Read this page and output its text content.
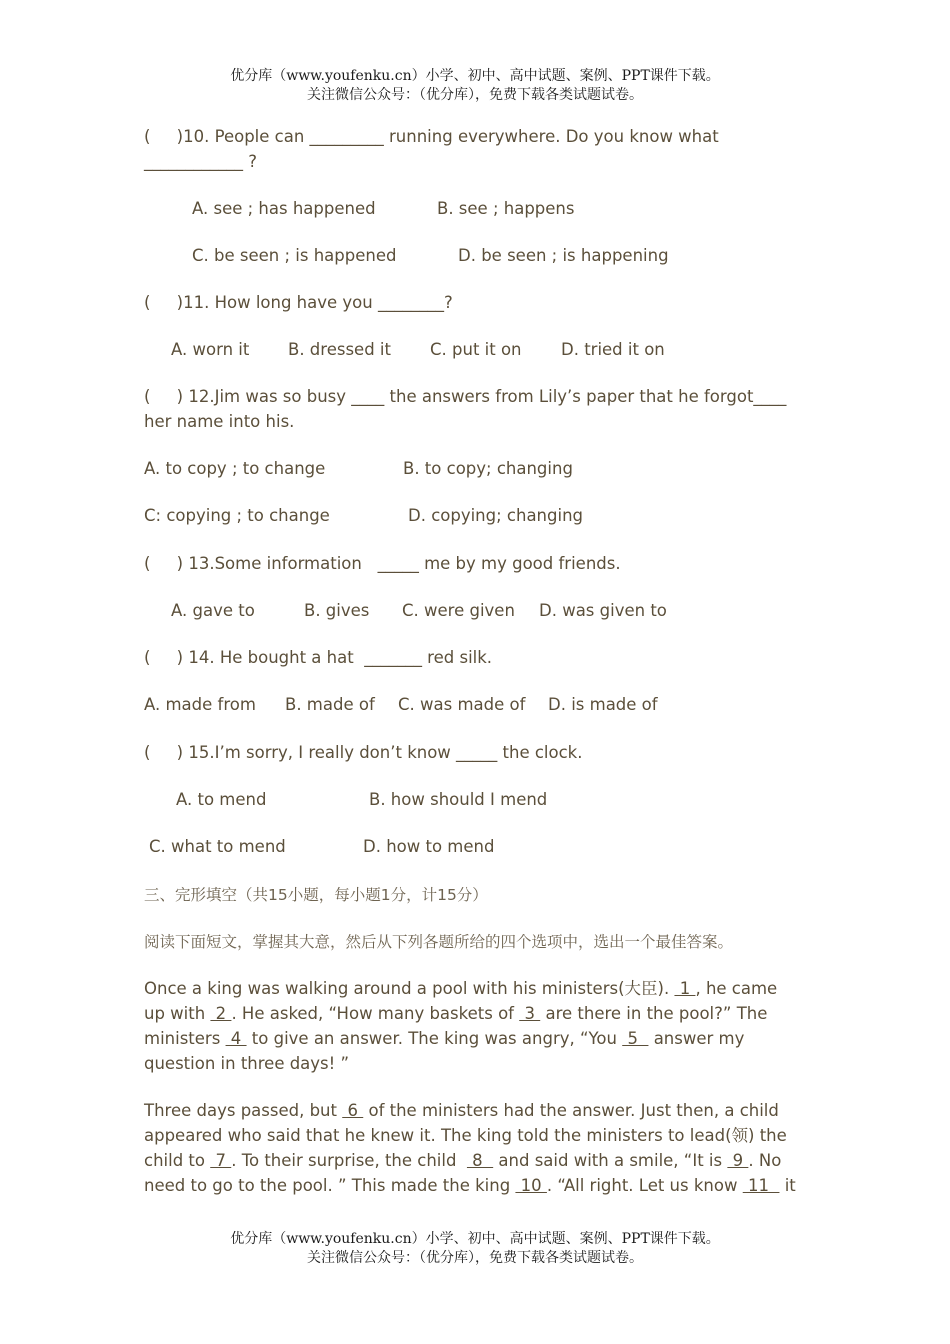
优分库（www.youfenku.cn）小学、初中、高中试题、案例、PPT课件下载。
关注微信公众号：（优分库），免费下载各类试题试卷。
(     )10. People can _________ running everywhere. Do you know what
____________ ?
A. see ; has happened	B. see ; happens
C. be seen ; is happened	D. be seen ; is happening
(     )11. How long have you ________?
A. worn it B. dressed it C. put it on D. tried it on
(     ) 12.Jim was so busy ____ the answers from Lily’s paper that he forgot____
her name into his.
A. to copy ; to change	B. to copy; changing
C: copying ; to change	D. copying; changing
(     ) 13.Some information   _____ me by my good friends.
A. gave to	B. gives C. were given D. was given to
(     ) 14. He bought a hat  _______ red silk.
A. made from B. made of C. was made of D. is made of
(     ) 15.I’m sorry, I really don’t know _____ the clock.
A. to mend	B. how should I mend
C. what to mend	D. how to mend
三、完形填空（共15小题，每小题1分，计15分）
阅读下面短文，掌握其大意，然后从下列各题所给的四个选项中，选出一个最佳答案。
Once a king was walking around a pool with his ministers(大臣).  1 , he came
up with  2 . He asked, “How many baskets of  3  are there in the pool?” The
ministers  4  to give an answer. The king was angry, “You  5   answer my
question in three days! ”
Three days passed, but  6  of the ministers had the answer. Just then, a child
appeared who said that he knew it. The king told the ministers to lead(领) the
child to  7 . To their surprise, the child   8   and said with a smile, “It is  9 . No
need to go to the pool. ” This made the king  10 . “All right. Let us know  11   it
优分库（www.youfenku.cn）小学、初中、高中试题、案例、PPT课件下载。
关注微信公众号：（优分库），免费下载各类试题试卷。
